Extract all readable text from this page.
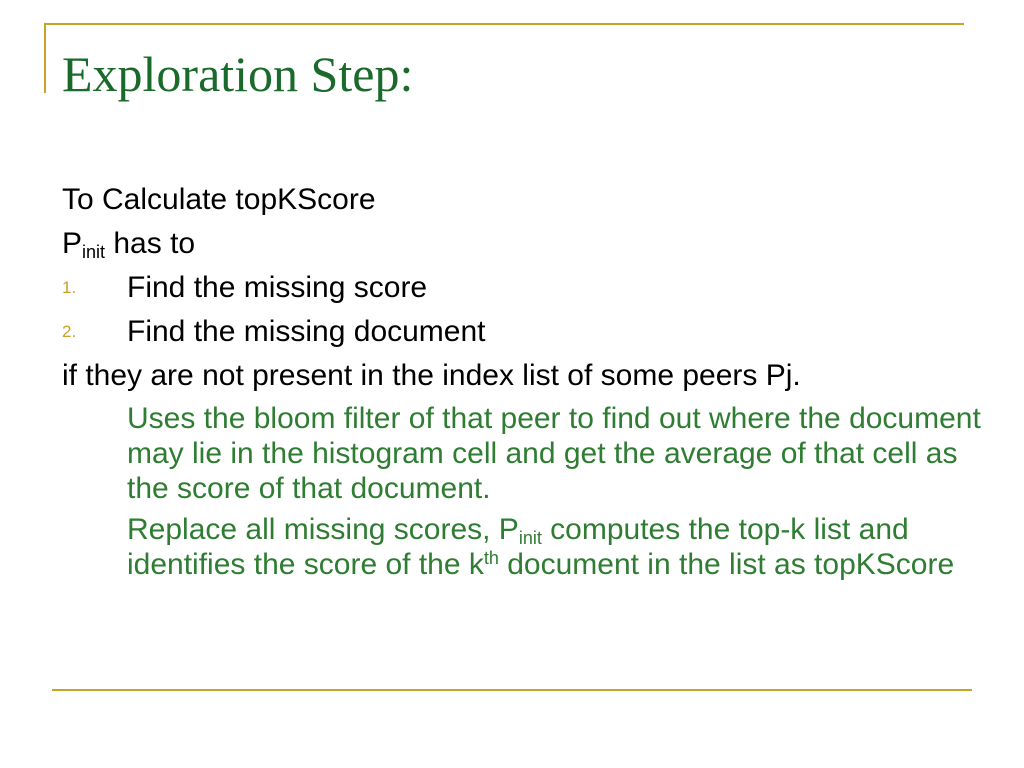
Exploration Step:
To Calculate topKScore
$P_{init}$ has to
1. Find the missing score
2. Find the missing document
if they are not present in the index list of some peers Pj.
Uses the bloom filter of that peer to find out where the document may lie in the histogram cell and get the average of that cell as the score of that document.
Replace all missing scores, $P_{init}$ computes the top-k list and identifies the score of the $k^{th}$ document in the list as topKScore
